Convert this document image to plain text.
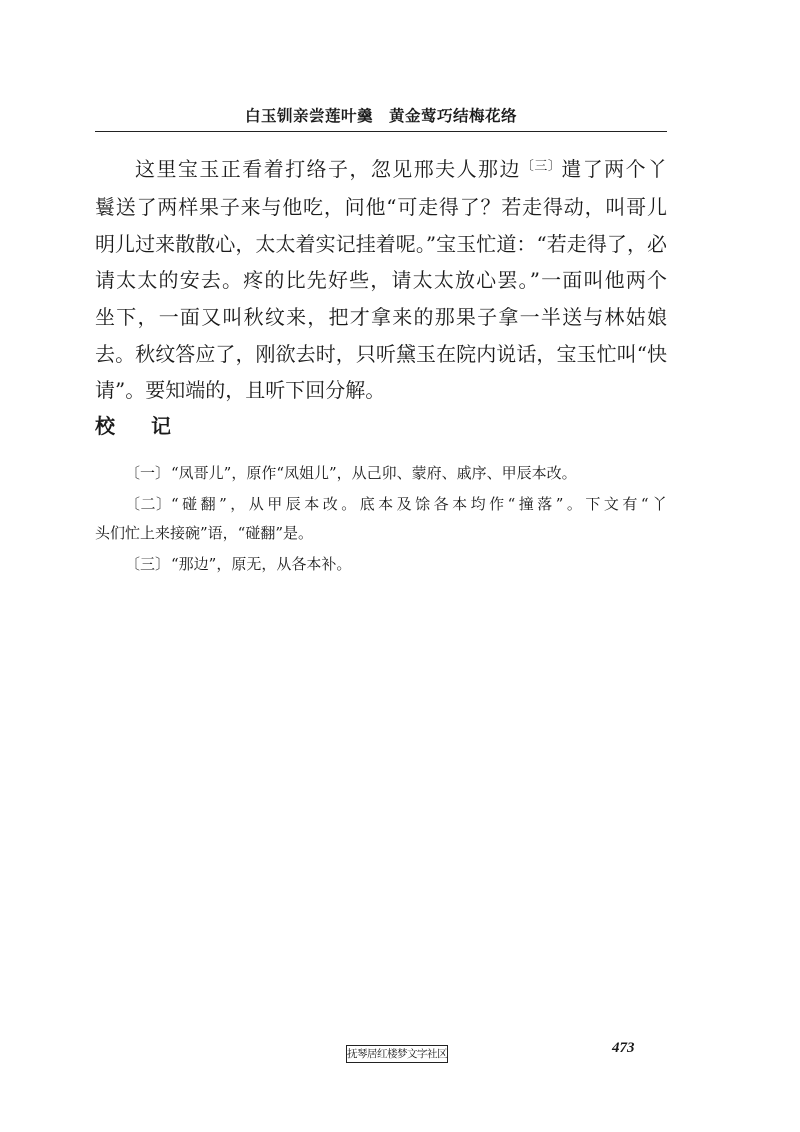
白玉钏亲尝莲叶羹 黄金莺巧结梅花络
这里宝玉正看着打络子，忽见邢夫人那边$^{〔三〕}$遣了两个丫
鬟送了两样果子来与他吃，问他“可走得了？若走得动，叫哥儿
明儿过来散散心，太太着实记挂着呢。”宝玉忙道：“若走得了，必
请太太的安去。疼的比先好些，请太太放心罢。”一面叫他两个
坐下，一面又叫秋纹来，把才拿来的那果子拿一半送与林姑娘
去。秋纹答应了，刚欲去时，只听黛玉在院内说话，宝玉忙叫“快
请”。要知端的，且听下回分解。
校记
〔一〕“凤哥儿”，原作“凤姐儿”，从己卯、蒙府、戚序、甲辰本改。
〔二〕“碰翻”，从甲辰本改。底本及馀各本均作“撞落”。下文有“丫
头们忙上来接碗”语，“碰翻”是。
〔三〕“那边”，原无，从各本补。
抚琴居红楼梦文字社区	473
